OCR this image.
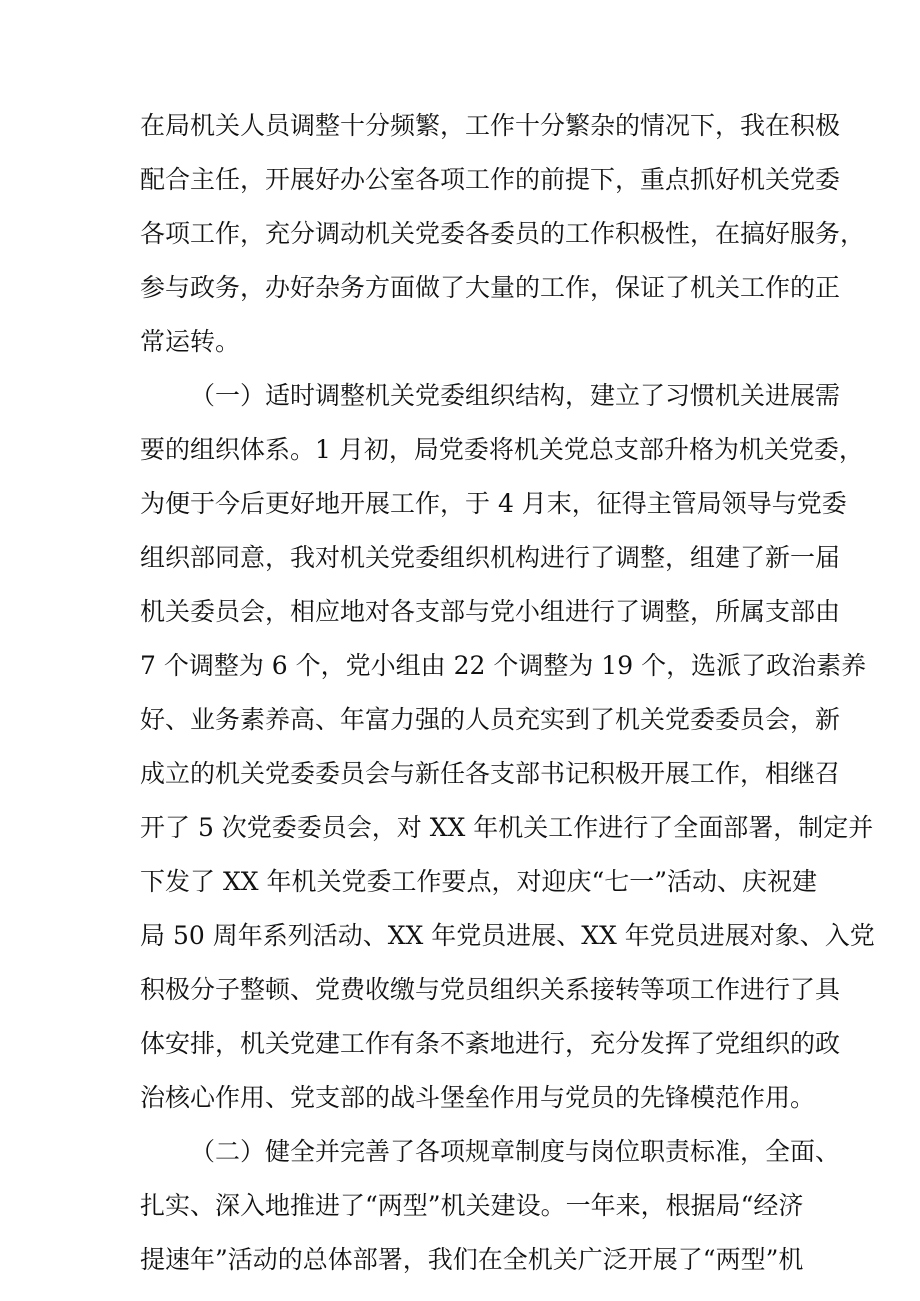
在局机关人员调整十分频繁，工作十分繁杂的情况下，我在积极
配合主任，开展好办公室各项工作的前提下，重点抓好机关党委
各项工作，充分调动机关党委各委员的工作积极性，在搞好服务，
参与政务，办好杂务方面做了大量的工作，保证了机关工作的正
常运转。
（一）适时调整机关党委组织结构，建立了习惯机关进展需
要的组织体系。1 月初，局党委将机关党总支部升格为机关党委，
为便于今后更好地开展工作，于 4 月末，征得主管局领导与党委
组织部同意，我对机关党委组织机构进行了调整，组建了新一届
机关委员会，相应地对各支部与党小组进行了调整，所属支部由
7 个调整为 6 个，党小组由 22 个调整为 19 个，选派了政治素养
好、业务素养高、年富力强的人员充实到了机关党委委员会，新
成立的机关党委委员会与新任各支部书记积极开展工作，相继召
开了 5 次党委委员会，对 XX 年机关工作进行了全面部署，制定并
下发了 XX 年机关党委工作要点，对迎庆“七一”活动、庆祝建
局 50 周年系列活动、XX 年党员进展、XX 年党员进展对象、入党
积极分子整顿、党费收缴与党员组织关系接转等项工作进行了具
体安排，机关党建工作有条不紊地进行，充分发挥了党组织的政
治核心作用、党支部的战斗堡垒作用与党员的先锋模范作用。
（二）健全并完善了各项规章制度与岗位职责标准，全面、
扎实、深入地推进了“两型”机关建设。一年来，根据局“经济
提速年”活动的总体部署，我们在全机关广泛开展了“两型”机
